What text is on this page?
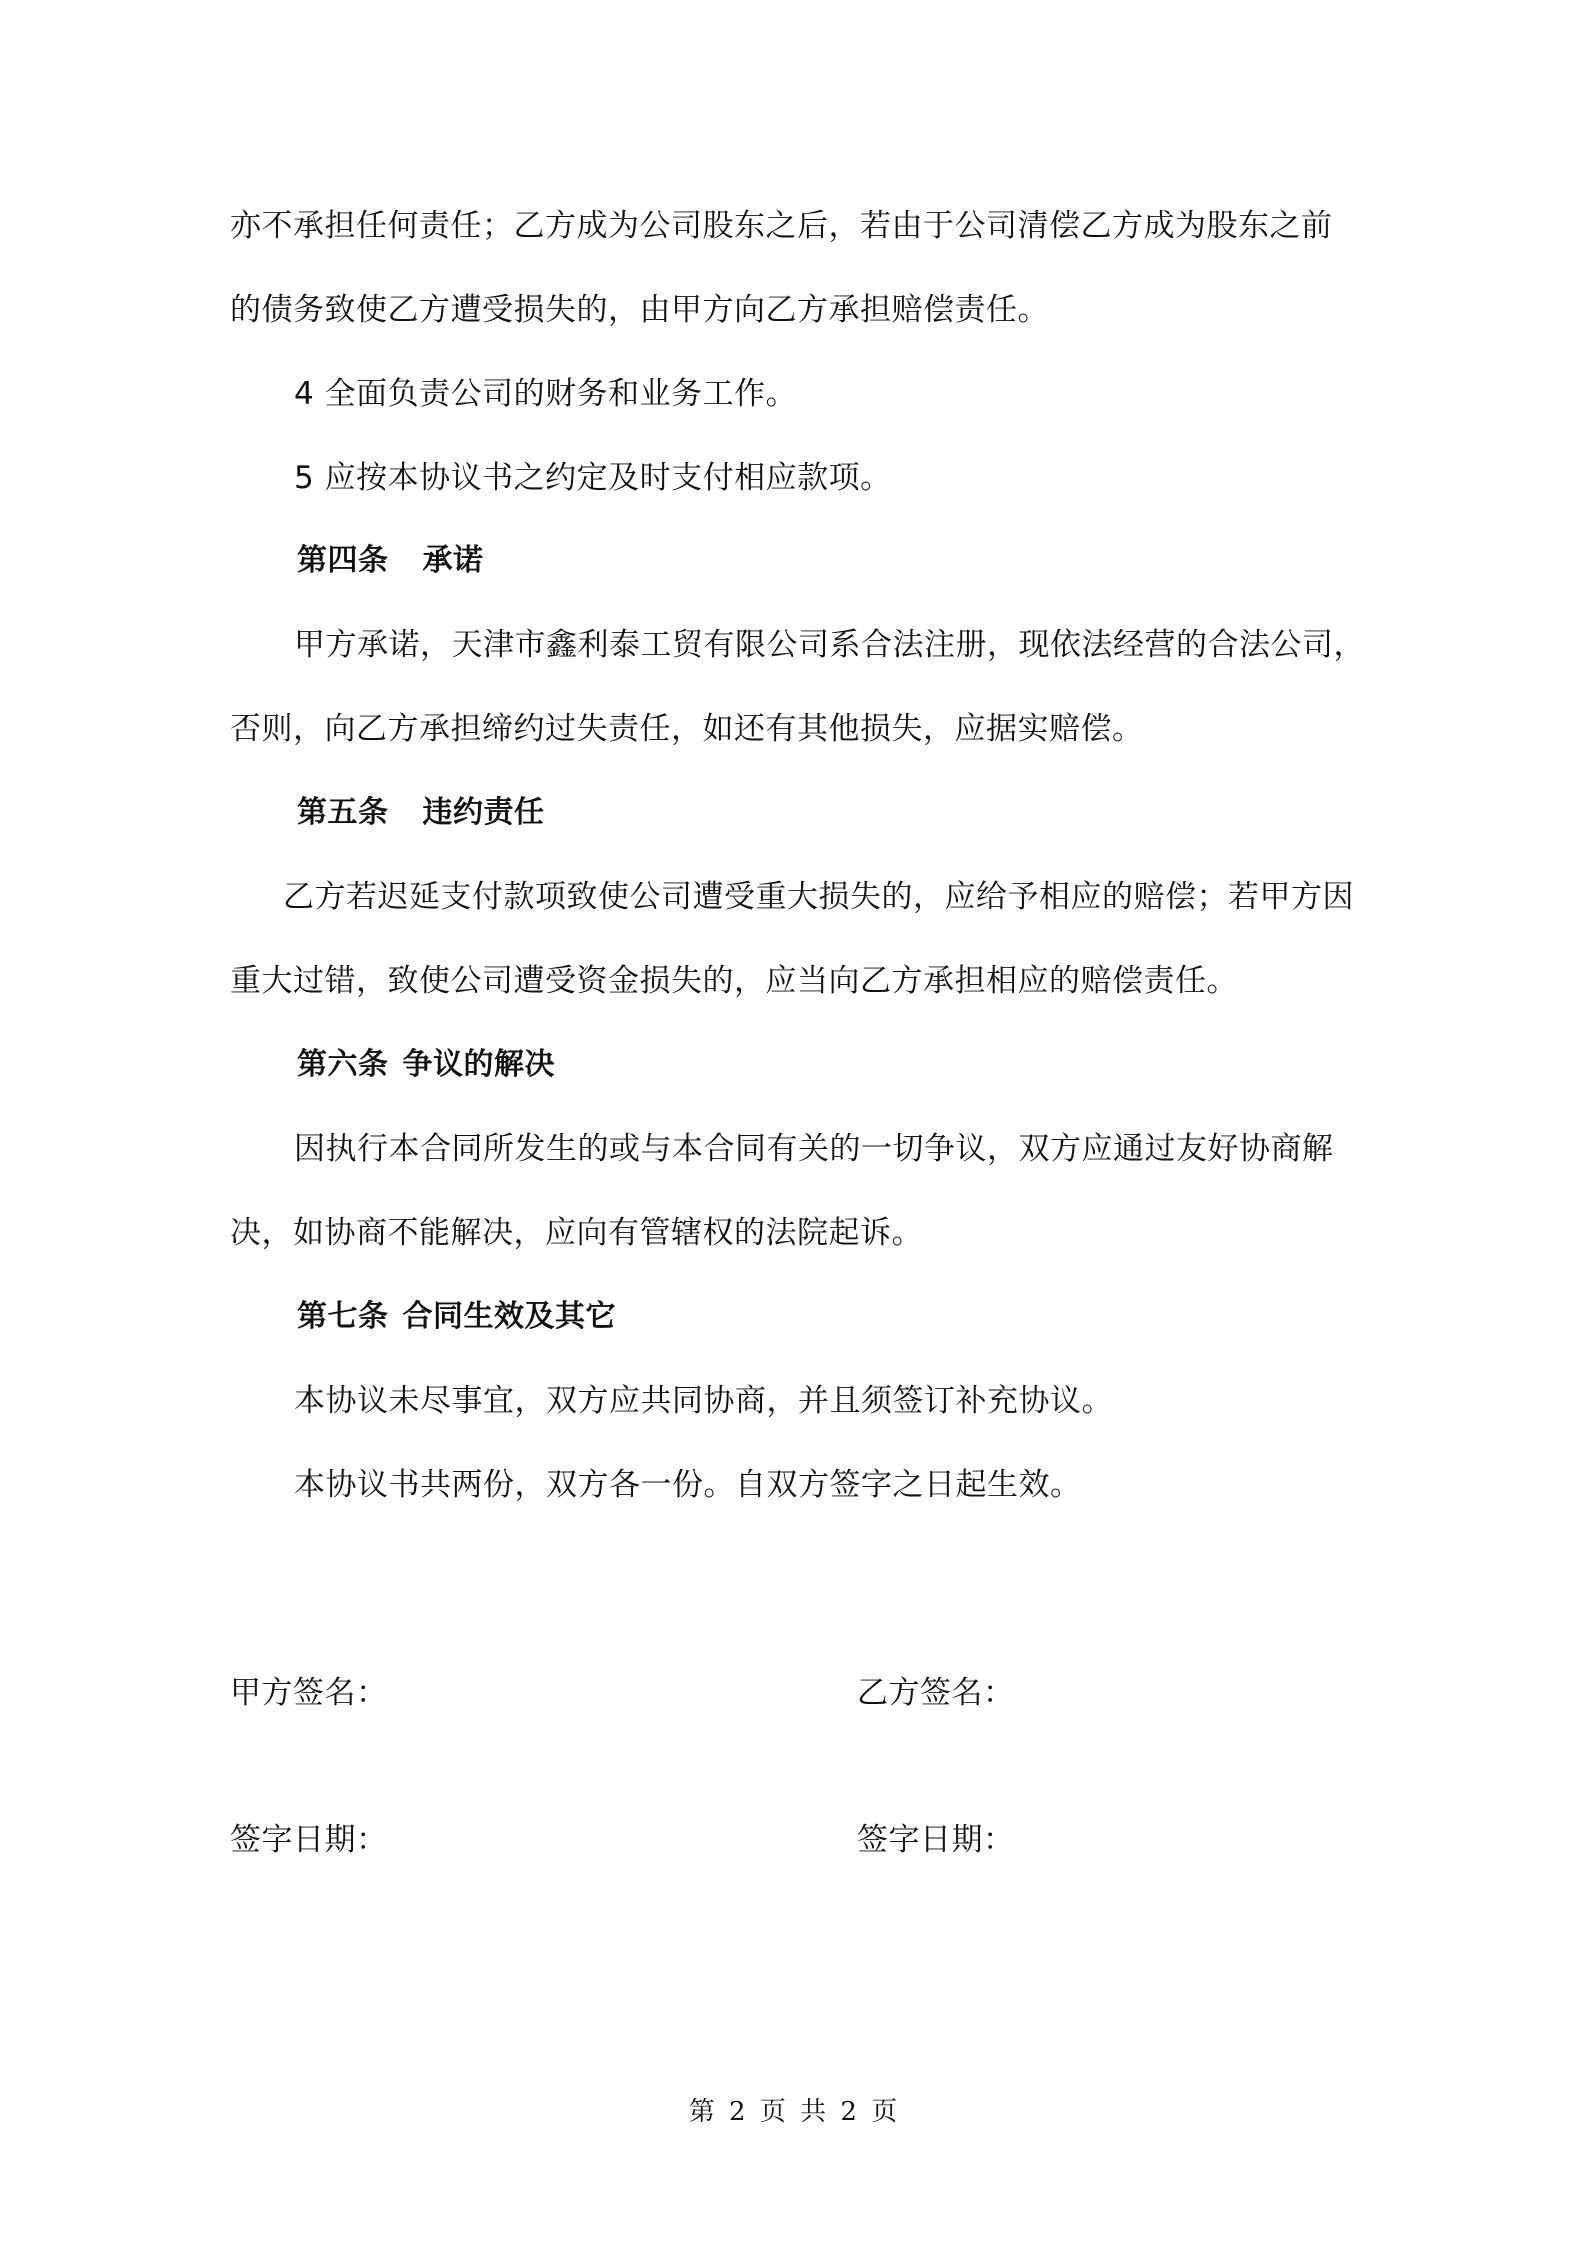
亦不承担任何责任；乙方成为公司股东之后，若由于公司清偿乙方成为股东之前
的债务致使乙方遭受损失的，由甲方向乙方承担赔偿责任。
4 全面负责公司的财务和业务工作。
5 应按本协议书之约定及时支付相应款项。
第四条 承诺
甲方承诺，天津市鑫利泰工贸有限公司系合法注册，现依法经营的合法公司，
否则，向乙方承担缔约过失责任，如还有其他损失，应据实赔偿。
第五条 违约责任
乙方若迟延支付款项致使公司遭受重大损失的，应给予相应的赔偿；若甲方因
重大过错，致使公司遭受资金损失的，应当向乙方承担相应的赔偿责任。
第六条 争议的解决
因执行本合同所发生的或与本合同有关的一切争议，双方应通过友好协商解
决，如协商不能解决，应向有管辖权的法院起诉。
第七条 合同生效及其它
本协议未尽事宜，双方应共同协商，并且须签订补充协议。
本协议书共两份，双方各一份。自双方签字之日起生效。
甲方签名：	乙方签名：
签字日期：	签字日期：
第 2 页 共 2 页
